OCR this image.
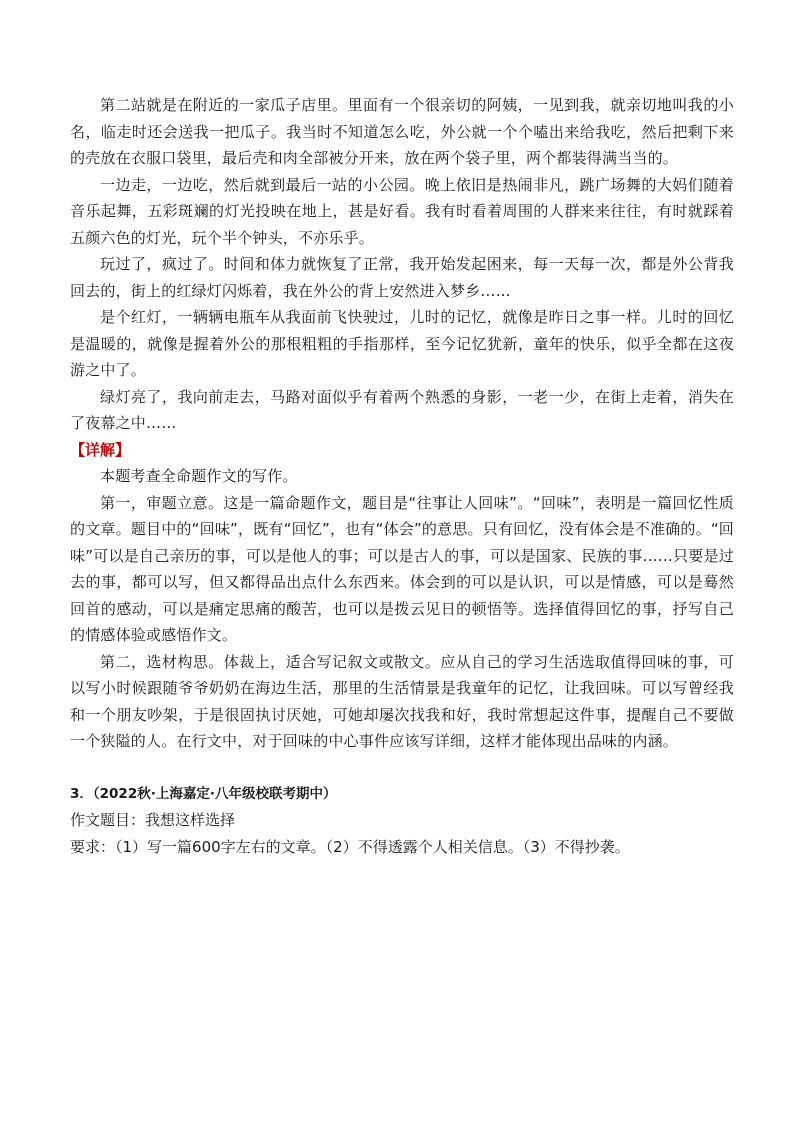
第二站就是在附近的一家瓜子店里。里面有一个很亲切的阿姨，一见到我，就亲切地叫我的小名，临走时还会送我一把瓜子。我当时不知道怎么吃，外公就一个个嗑出来给我吃，然后把剩下来的壳放在衣服口袋里，最后壳和肉全部被分开来，放在两个袋子里，两个都装得满当当的。

一边走，一边吃，然后就到最后一站的小公园。晚上依旧是热闹非凡，跳广场舞的大妈们随着音乐起舞，五彩斑斓的灯光投映在地上，甚是好看。我有时看着周围的人群来来往往，有时就踩着五颜六色的灯光，玩个半个钟头，不亦乐乎。

玩过了，疯过了。时间和体力就恢复了正常，我开始发起困来，每一天每一次，都是外公背我回去的，街上的红绿灯闪烁着，我在外公的背上安然进入梦乡……

是个红灯，一辆辆电瓶车从我面前飞快驶过，儿时的记忆，就像是昨日之事一样。儿时的回忆是温暖的，就像是握着外公的那根粗粗的手指那样，至今记忆犹新，童年的快乐，似乎全都在这夜游之中了。

绿灯亮了，我向前走去，马路对面似乎有着两个熟悉的身影，一老一少，在街上走着，消失在了夜幕之中……

【详解】

本题考查全命题作文的写作。

第一，审题立意。这是一篇命题作文，题目是“往事让人回味”。“回味”，表明是一篇回忆性质的文章。题目中的“回味”，既有“回忆”，也有“体会”的意思。只有回忆，没有体会是不准确的。“回味”可以是自己亲历的事，可以是他人的事；可以是古人的事，可以是国家、民族的事……只要是过去的事，都可以写，但又都得品出点什么东西来。体会到的可以是认识，可以是情感，可以是蓦然回首的感动，可以是痛定思痛的酸苦，也可以是拨云见日的顿悟等。选择值得回忆的事，抒写自己的情感体验或感悟作文。

第二，选材构思。体裁上，适合写记叙文或散文。应从自己的学习生活选取值得回味的事，可以写小时候跟随爷爷奶奶在海边生活，那里的生活情景是我童年的记忆，让我回味。可以写曾经我和一个朋友吵架，于是很固执讨厌她，可她却屡次找我和好，我时常想起这件事，提醒自己不要做一个狭隘的人。在行文中，对于回味的中心事件应该写详细，这样才能体现出品味的内涵。

3．（2022秋·上海嘉定·八年级校联考期中）

作文题目：我想这样选择

要求：（1）写一篇600字左右的文章。（2）不得透露个人相关信息。（3）不得抄袭。
